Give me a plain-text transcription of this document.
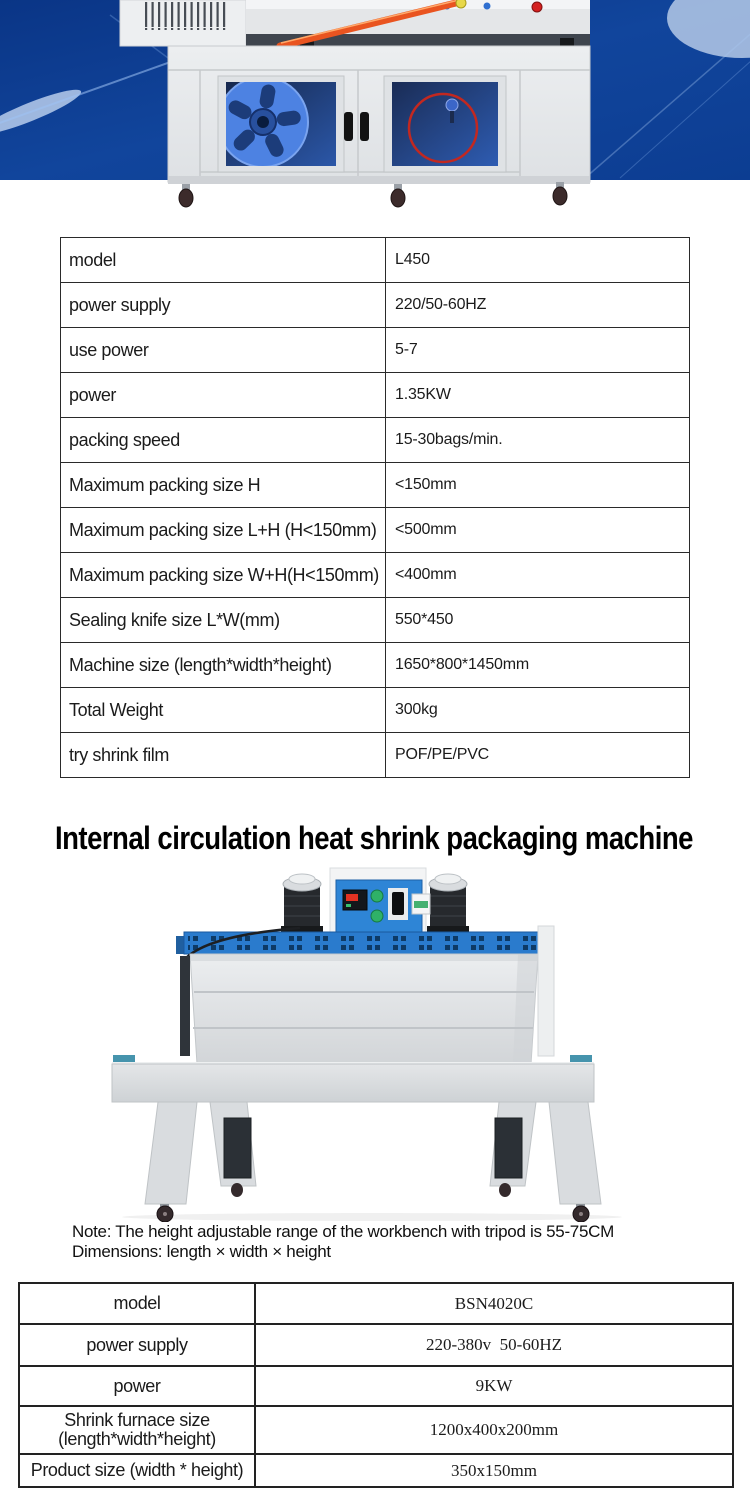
model	L450
power supply	220/50-60HZ
use power	5-7
power	1.35KW
packing speed	15-30bags/min.
Maximum packing size H	<150mm
Maximum packing size L+H (H<150mm)	<500mm
Maximum packing size W+H(H<150mm)	<400mm
Sealing knife size L*W(mm)	550*450
Machine size (length*width*height)	1650*800*1450mm
Total Weight	300kg
try shrink film	POF/PE/PVC
Internal circulation heat shrink packaging machine
Note: The height adjustable range of the workbench with tripod is 55-75CM
Dimensions: length × width × height
model	BSN4020C
power supply	220-380v  50-60HZ
power	9KW
Shrink furnace size
(length*width*height)	1200x400x200mm
Product size (width * height)	350x150mm
